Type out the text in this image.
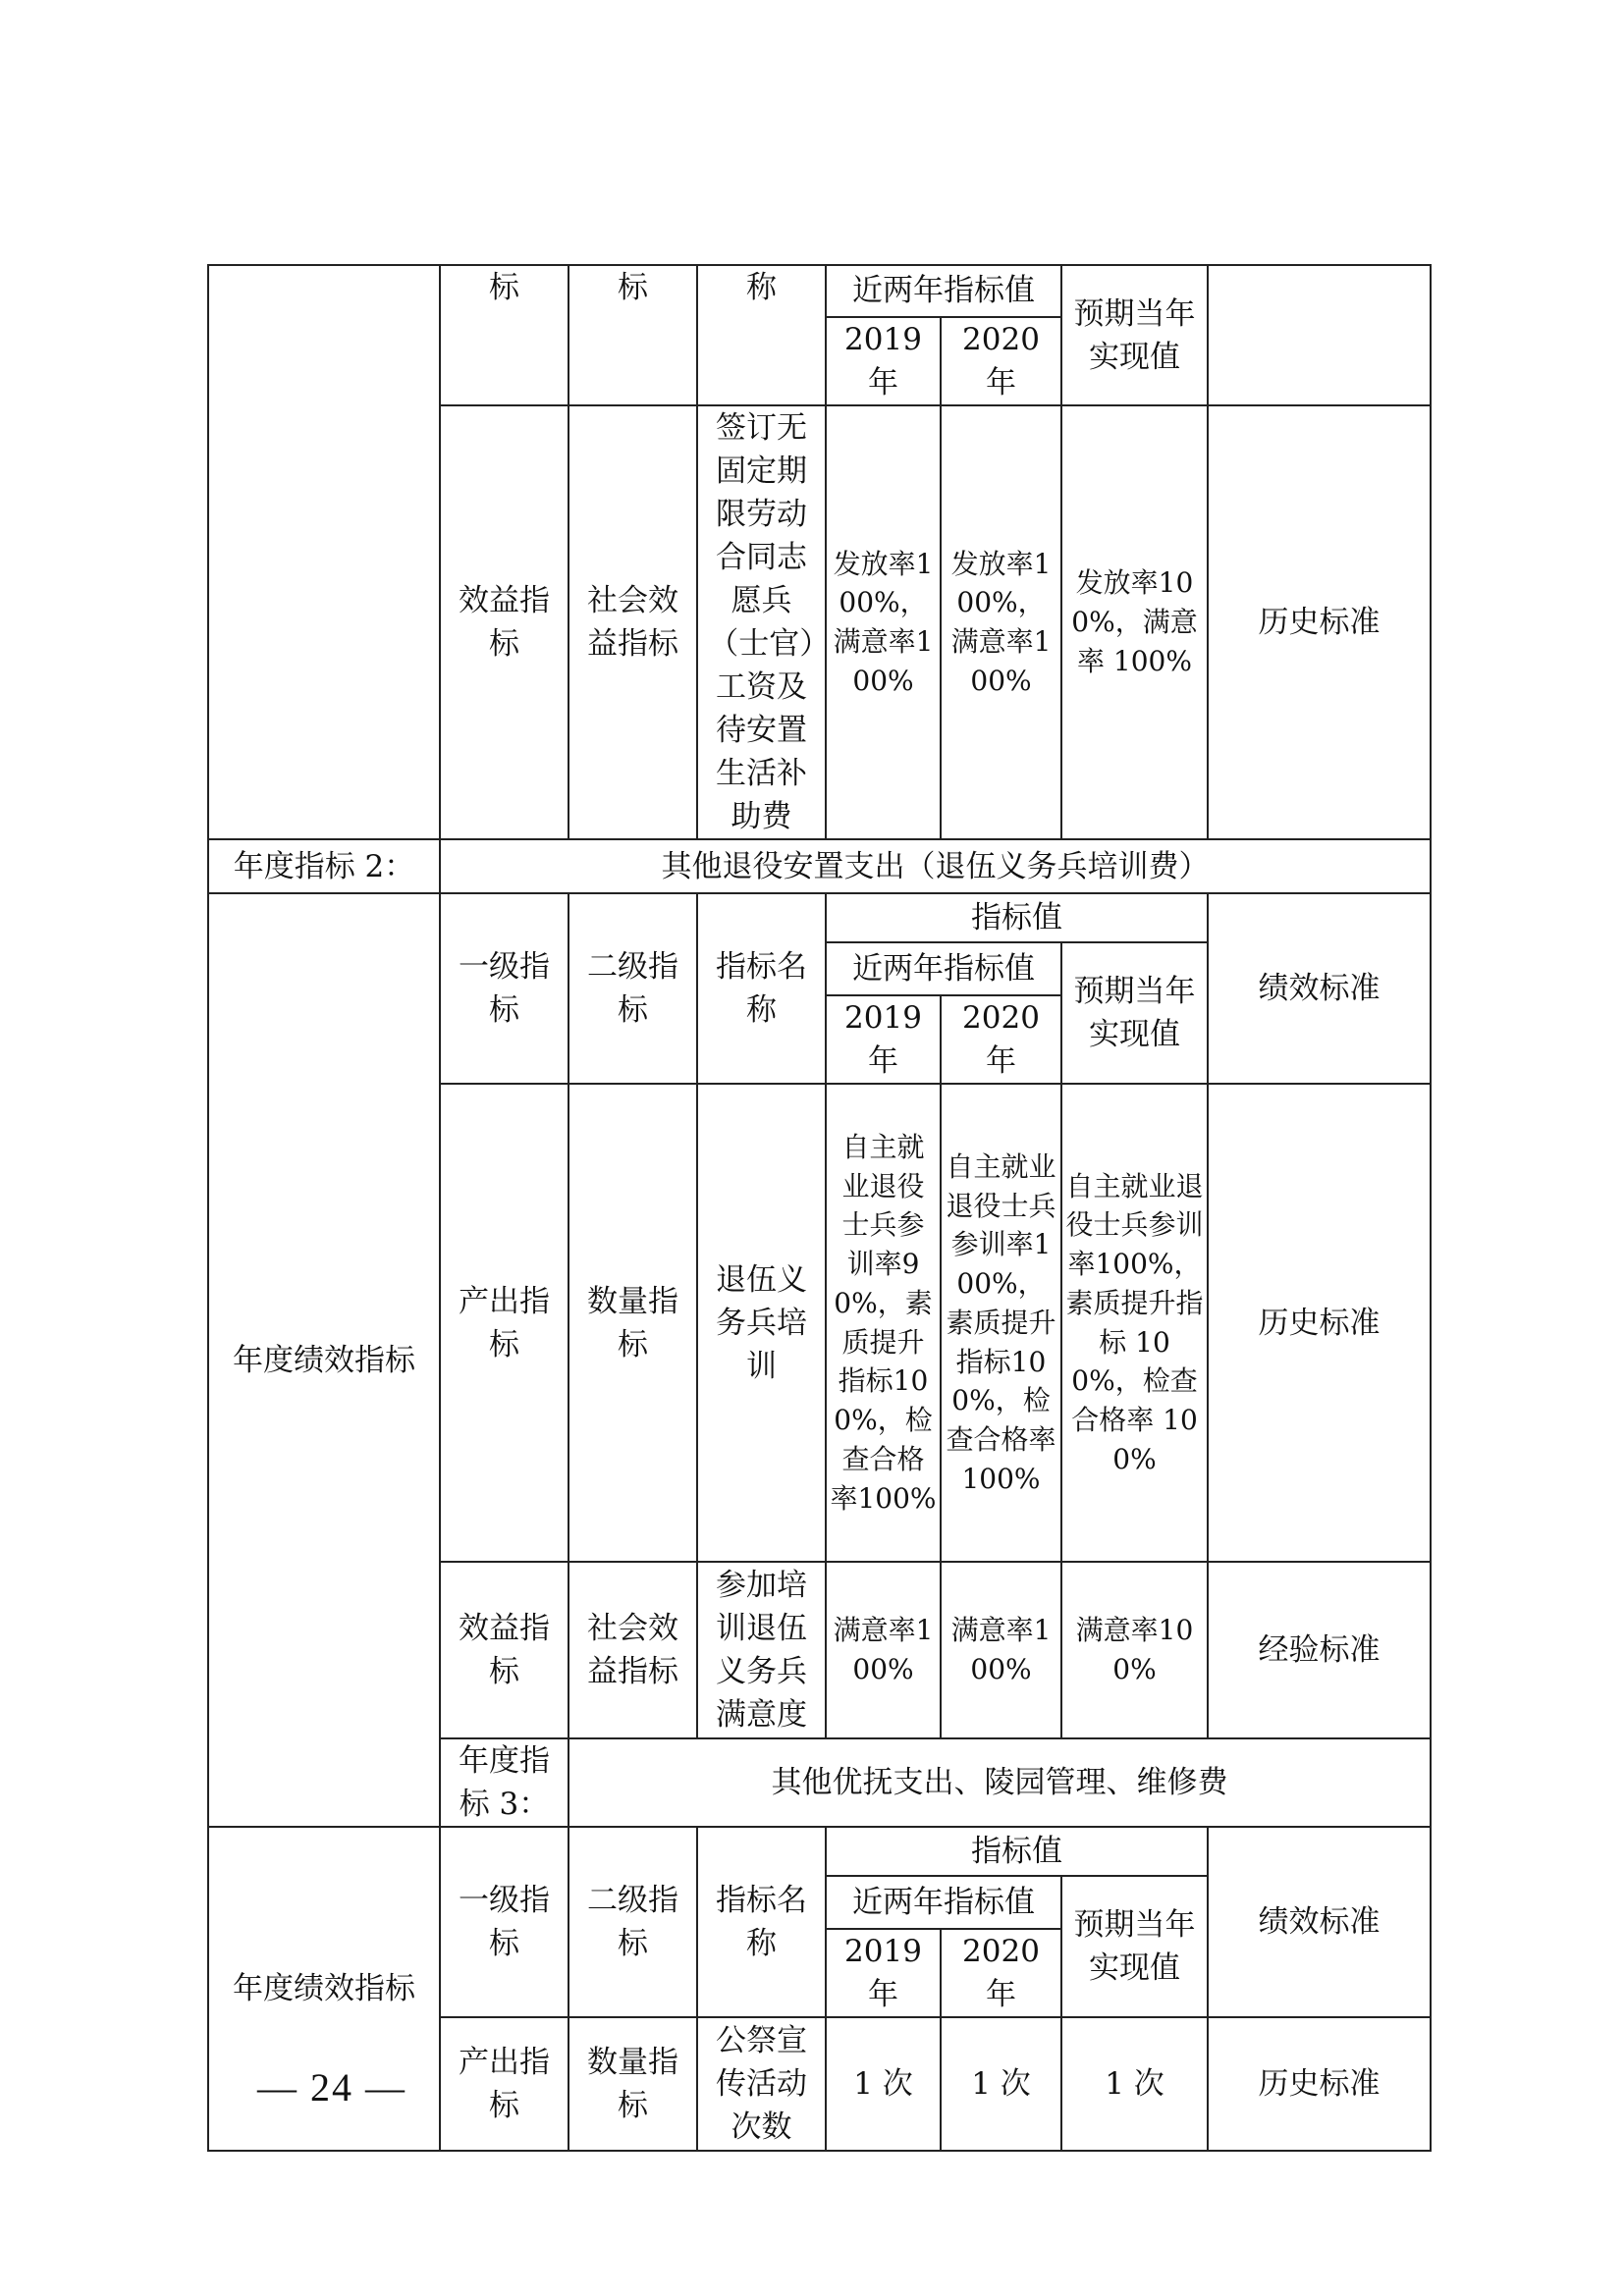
	标	标	称	近两年指标值		预期当年实现值	
				2019 年	2020 年		
	效益指标	社会效益指标	签订无固定期限劳动合同志愿兵（士官）工资及待安置生活补助费	发放率100%，满意率100%	发放率100%，满意率100%	发放率100%，满意率 100%	历史标准
年度指标 2：	其他退役安置支出（退伍义务兵培训费）						
年度绩效指标	一级指标	二级指标	指标名称	指标值			绩效标准
				近两年指标值		预期当年实现值	
				2019 年	2020 年		
	产出指标	数量指标	退伍义务兵培训	自主就业退役士兵参训率90%，素质提升指标100%，检查合格率100%	自主就业退役士兵参训率100%，素质提升指标100%，检查合格率 100%	自主就业退役士兵参训率100%，素质提升指标 100%，检查合格率 100%	历史标准
	效益指标	社会效益指标	参加培训退伍义务兵满意度	满意率100%	满意率100%	满意率100%	经验标准
	年度指标 3：	其他优抚支出、陵园管理、维修费					
年度绩效指标	一级指标	二级指标	指标名称	指标值			绩效标准
				近两年指标值		预期当年实现值	
				2019 年	2020 年		
	产出指标	数量指标	公祭宣传活动次数	1 次	1 次	1 次	历史标准
— 24 —
